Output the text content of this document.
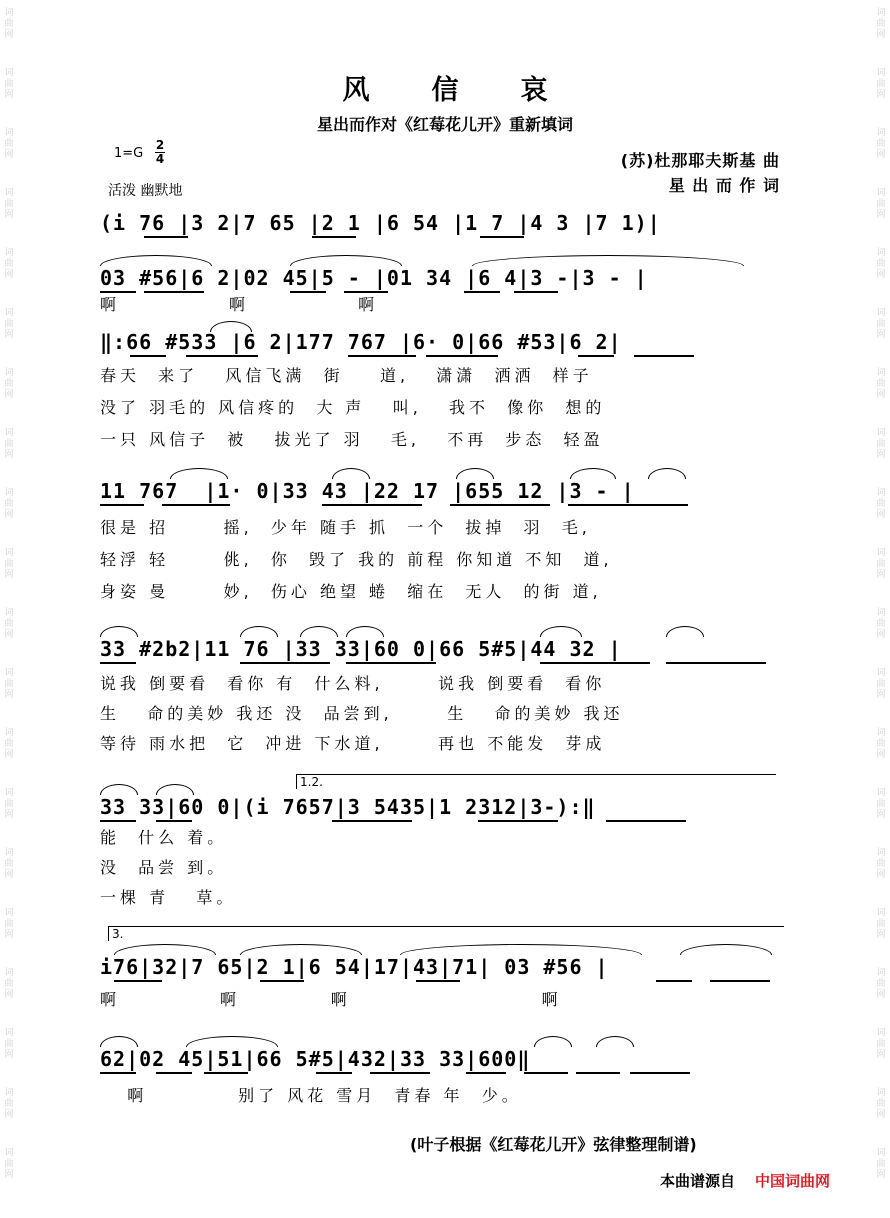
词
曲
网
词
曲
网
词
曲
网
词
曲
网
词
曲
网
词
曲
网
词
曲
网
词
曲
网
词
曲
网
词
曲
网
词
曲
网
词
曲
网
词
曲
网
词
曲
网
词
曲
网
词
曲
网
词
曲
网
词
曲
网
词
曲
网
词
曲
网
词
曲
网
词
曲
网
词
曲
网
词
曲
网
词
曲
网
词
曲
网
词
曲
网
词
曲
网
词
曲
网
词
曲
网
词
曲
网
词
曲
网
词
曲
网
词
曲
网
词
曲
网
词
曲
网
词
曲
网
词
曲
网
词
曲
网
词
曲
网
风信哀
星出而作对《红莓花儿开》重新填词
1=G
2
4
活泼 幽默地
(苏)杜那耶夫斯基 曲
星 出 而 作 词
(i 76 |3 2|7 65 |2 1 |6 54 |1 7 |4 3 |7 1)|
啊            啊            啊
03 #56|6 2|02 45|5 - |01 34 |6 4|3 -|3 - |
‖:66 #533 |6 2|177 767 |6· 0|66 #53|6 2|
春天  来了   风信飞满  街    道,   潇潇  洒洒  样子
没了 羽毛的 风信疼的  大 声   叫,   我不  像你  想的
一只 风信子  被   拔光了 羽   毛,   不再  步态  轻盈
11 767  |1· 0|33 43 |22 17 |655 12 |3 - |
很是 招      摇,  少年 随手 抓  一个  拔掉  羽  毛,
轻浮 轻      佻,  你  毁了 我的 前程 你知道 不知  道,
身姿 曼      妙,  伤心 绝望 蜷  缩在  无人  的街 道,
33 #2b2|11 76 |33 33|60 0|66 5#5|44 32 |
说我 倒要看  看你 有  什么料,      说我 倒要看  看你
生   命的美妙 我还 没  品尝到,      生   命的美妙 我还
等待 雨水把  它  冲进 下水道,      再也 不能发  芽成
1.2.
33 33|60 0|(i 7657|3 5435|1 2312|3-):‖
能  什么 着。
没  品尝 到。
一棵 青   草。
3.
i76|32|7 65|2 1|6 54|17|43|71| 03 #56 |
啊           啊          啊                     啊
62|02 45|51|66 5#5|432|33 33|600‖
啊          别了 风花 雪月  青春 年  少。
(叶子根据《红莓花儿开》弦律整理制谱)
本曲谱源自 中国词曲网
